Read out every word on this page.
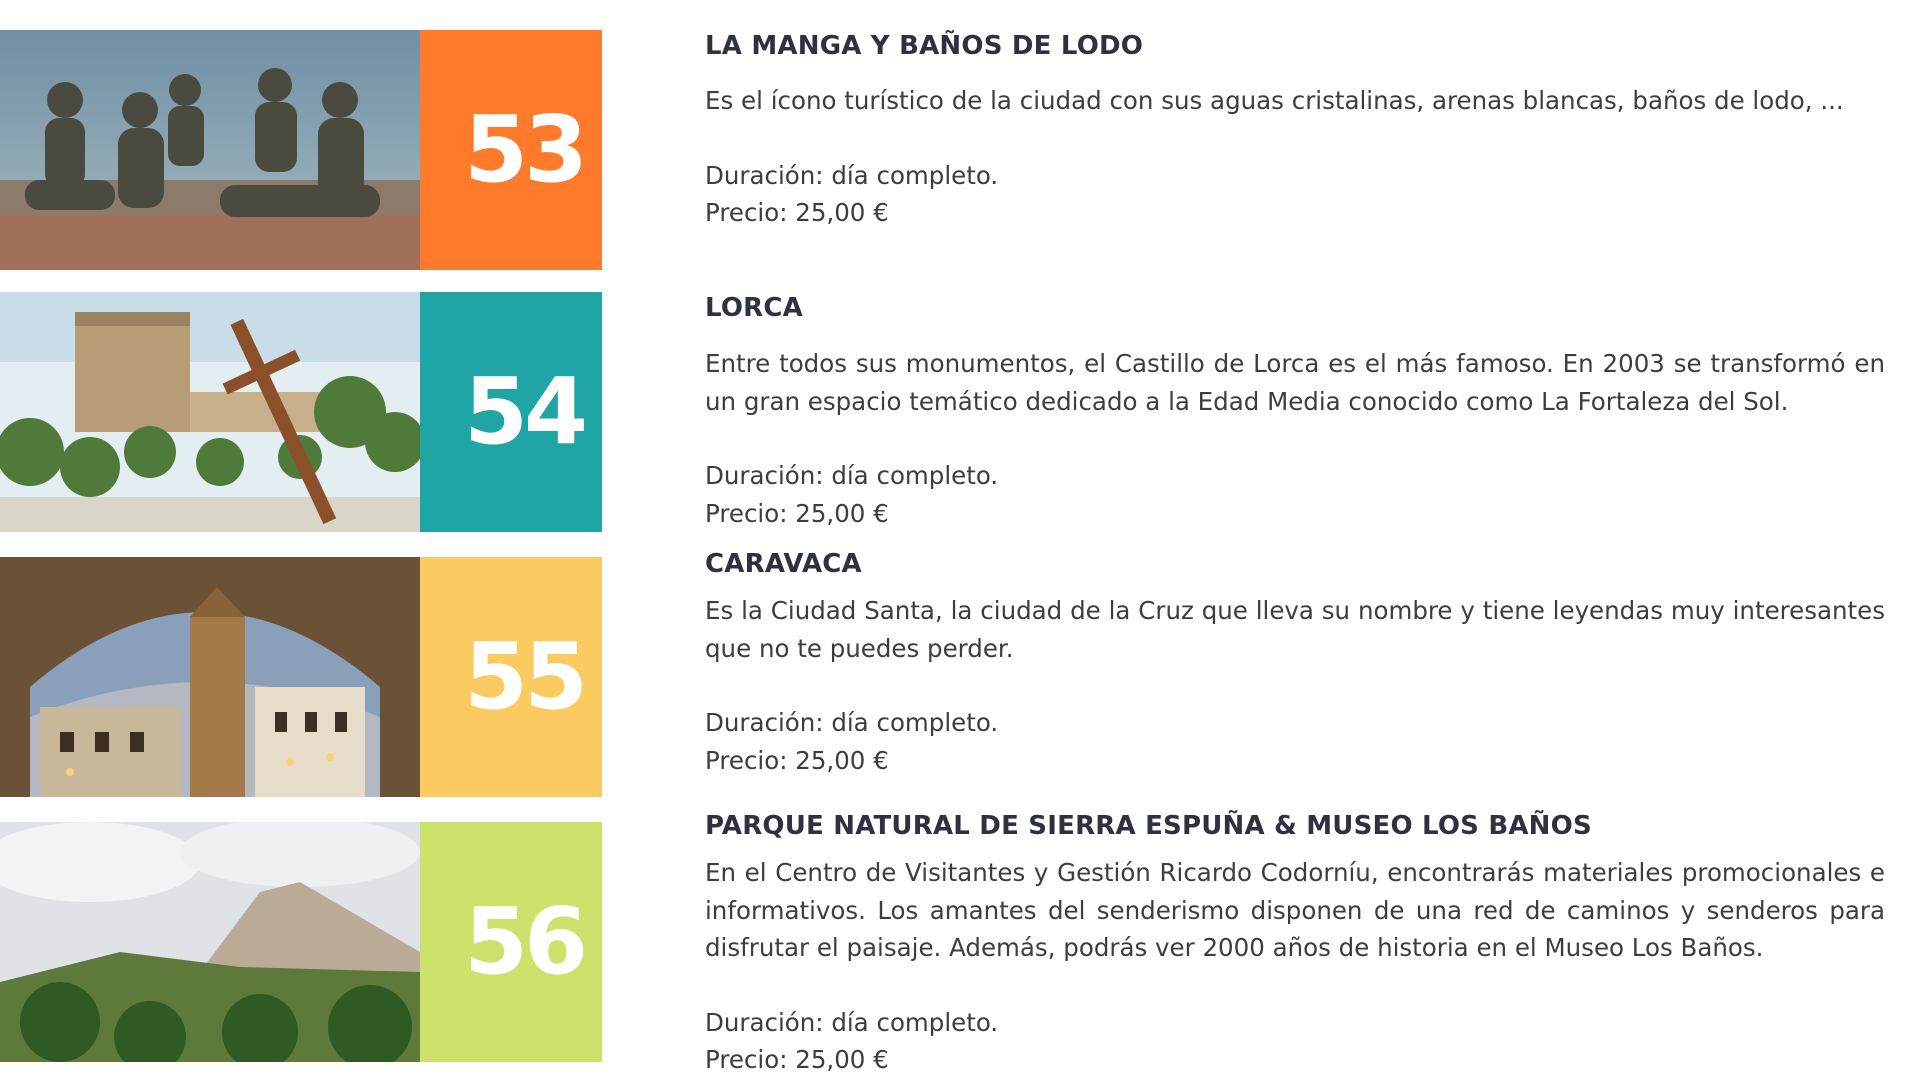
53
LA MANGA Y BAÑOS DE LODO

Es el ícono turístico de la ciudad con sus aguas cristalinas, arenas blancas, baños de lodo, ...

Duración: día completo.

Precio: 25,00 €

54
LORCA

Entre todos sus monumentos, el Castillo de Lorca es el más famoso. En 2003 se transformó en un gran espacio temático dedicado a la Edad Media conocido como La Fortaleza del Sol.

Duración: día completo.

Precio: 25,00 €

55
CARAVACA

Es la Ciudad Santa, la ciudad de la Cruz que lleva su nombre y tiene leyendas muy interesantes que no te puedes perder.

Duración: día completo.

Precio: 25,00 €

56
PARQUE NATURAL DE SIERRA ESPUÑA & MUSEO LOS BAÑOS

En el Centro de Visitantes y Gestión Ricardo Codorníu, encontrarás materiales promocionales e informativos. Los amantes del senderismo disponen de una red de caminos y senderos para disfrutar el paisaje. Además, podrás ver 2000 años de historia en el Museo Los Baños.

Duración: día completo.

Precio: 25,00 €
